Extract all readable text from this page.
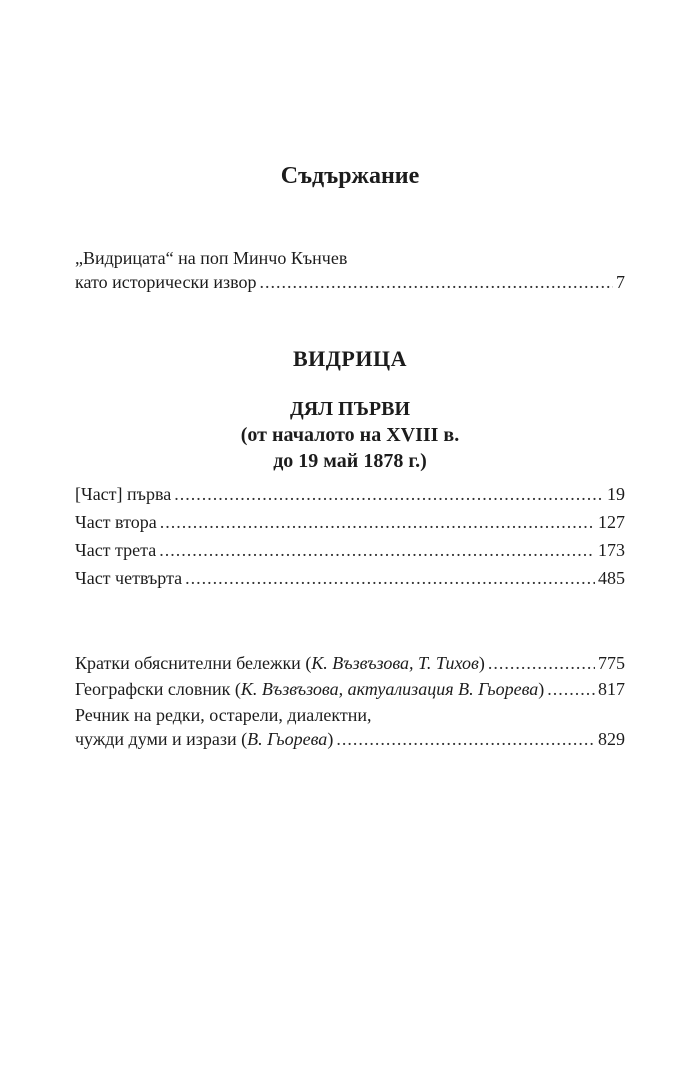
Съдържание
„Видрицата“ на поп Минчо Кънчев
като исторически извор .....	7
ВИДРИЦА
ДЯЛ ПЪРВИ
(от началото на XVIII в.
до 19 май 1878 г.)
[Част] първа .....	19
Част втора .....	127
Част трета .....	173
Част четвърта .....	485
Кратки обяснителни бележки (К. Възвъзова, Т. Тихов) .....	775
Географски словник (К. Възвъзова, актуализация В. Гьорева) .....	817
Речник на редки, остарели, диалектни,
чужди думи и изрази (В. Гьорева) .....	829
